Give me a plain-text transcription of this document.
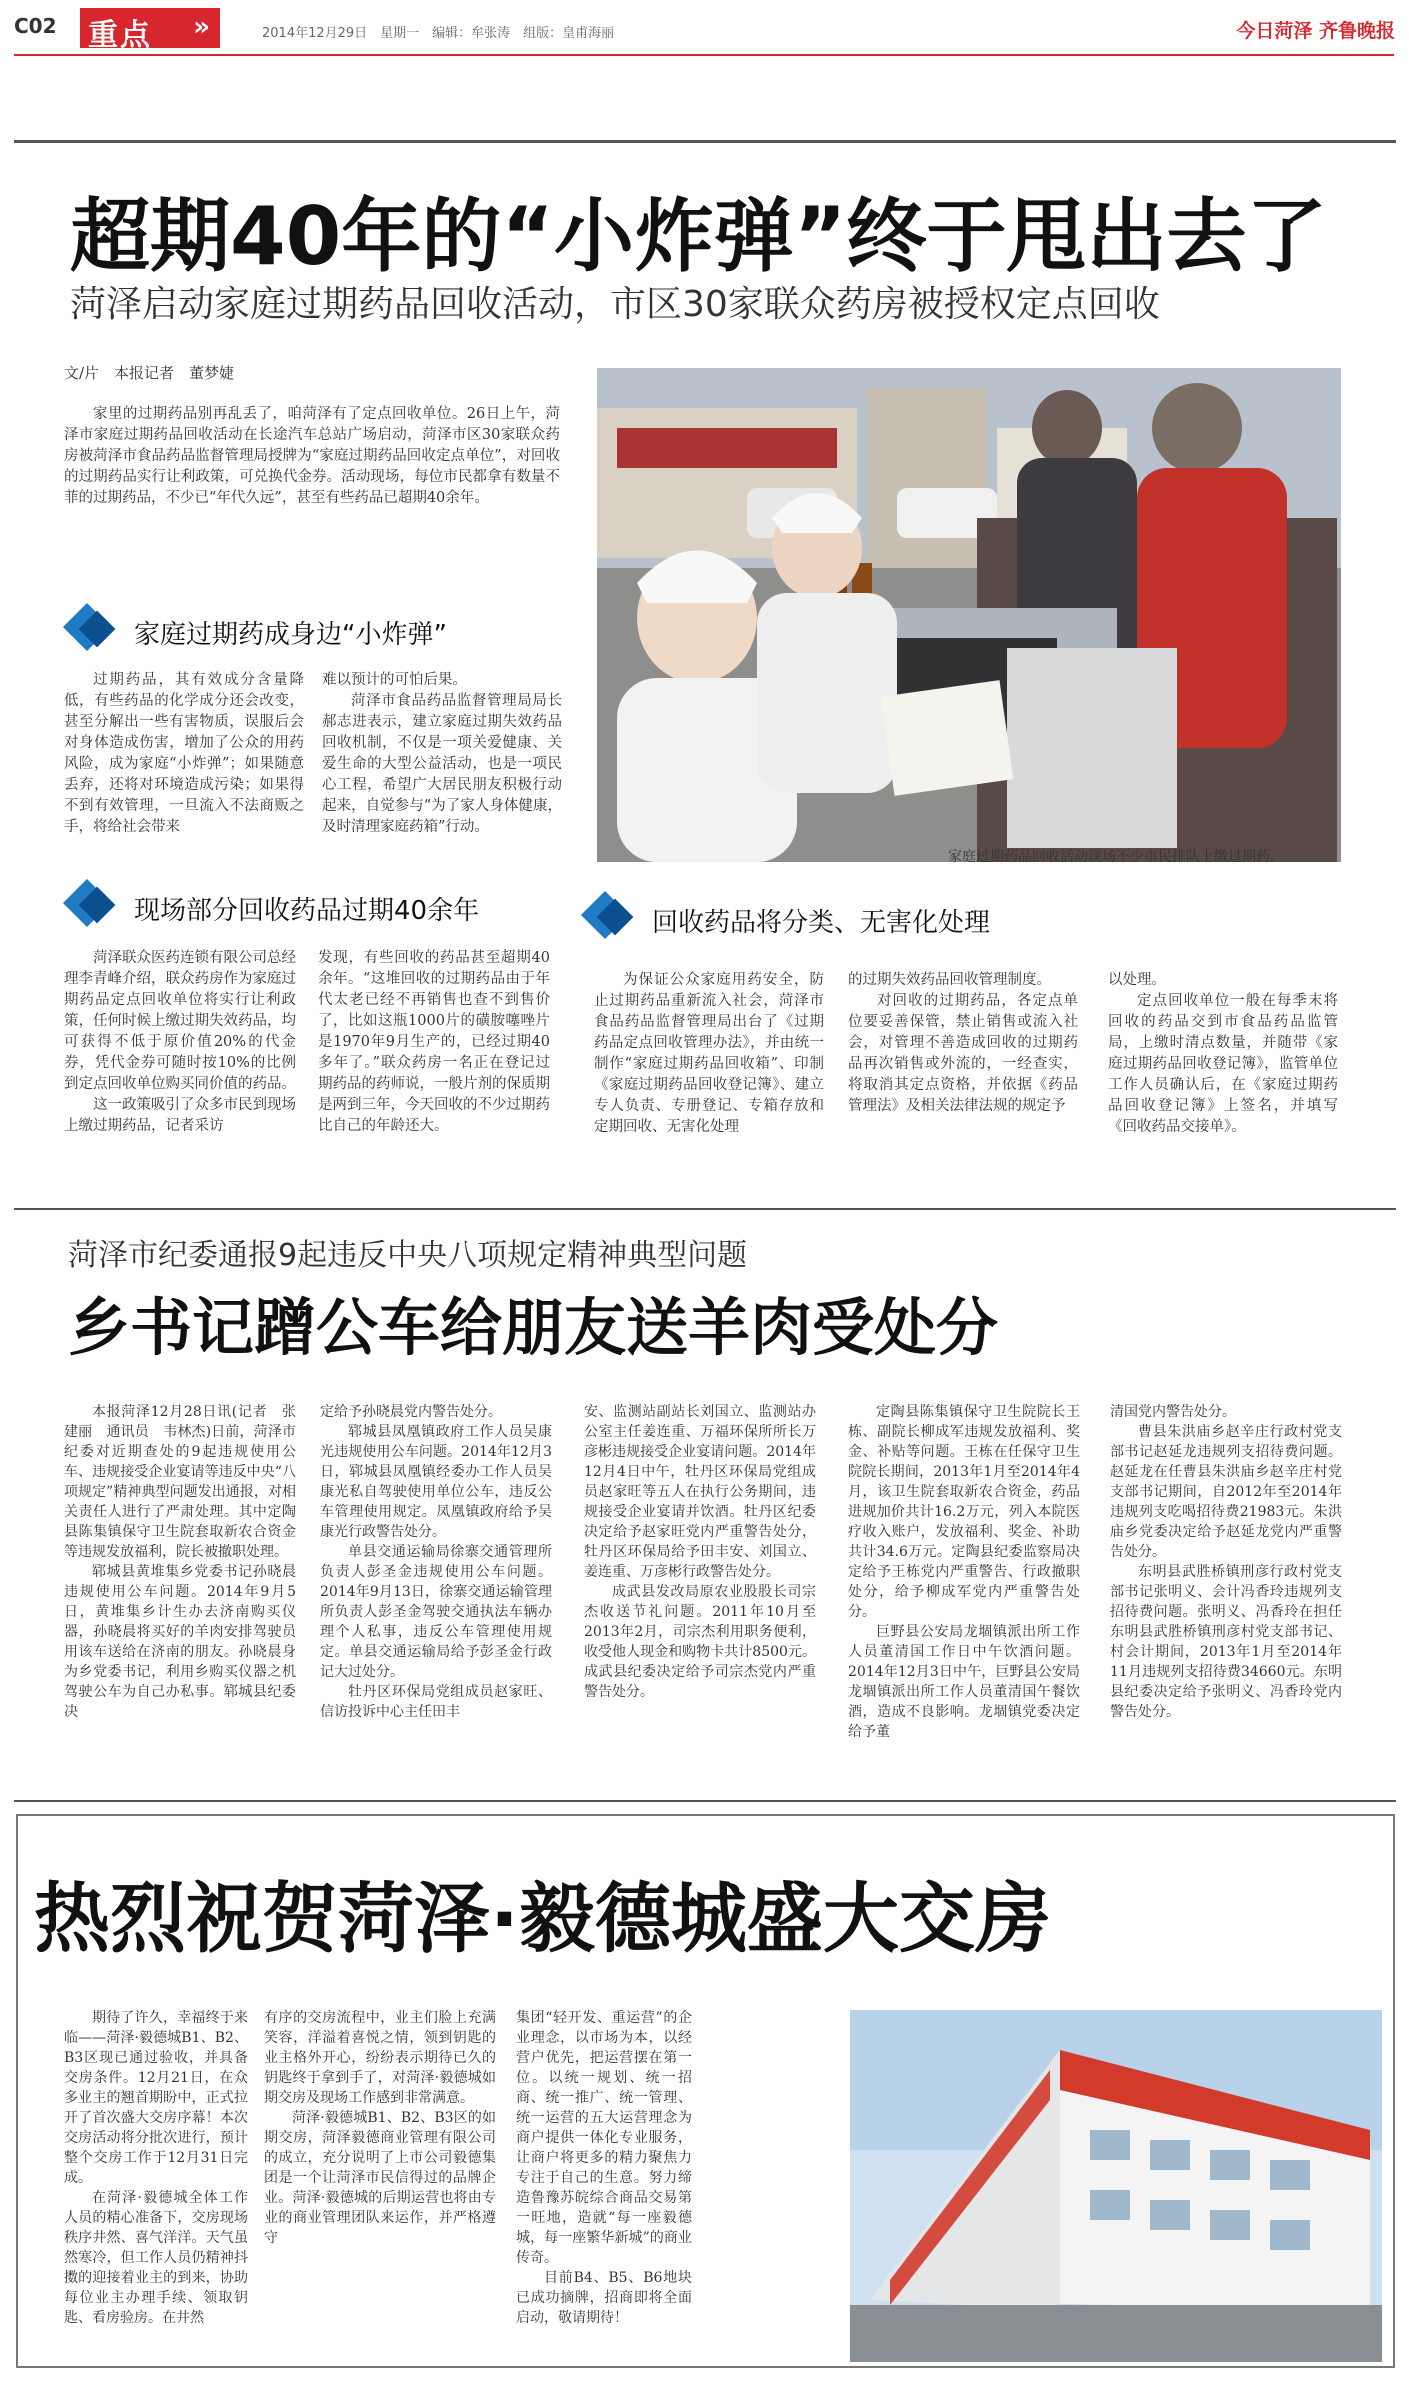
C02 重点 »	2014年12月29日　星期一　编辑：牟张涛　组版：皇甫海丽	今日菏泽 齐鲁晚报
超期40年的“小炸弹”终于甩出去了
菏泽启动家庭过期药品回收活动，市区30家联众药房被授权定点回收
文/片　本报记者　董梦婕

家里的过期药品别再乱丢了，咱菏泽有了定点回收单位。26日上午，菏泽市家庭过期药品回收活动在长途汽车总站广场启动，菏泽市区30家联众药房被菏泽市食品药品监督管理局授牌为“家庭过期药品回收定点单位”，对回收的过期药品实行让利政策，可兑换代金券。活动现场，每位市民都拿有数量不菲的过期药品，不少已“年代久远”，甚至有些药品已超期40余年。

家庭过期药成身边“小炸弹”

过期药品，其有效成分含量降低，有些药品的化学成分还会改变，甚至分解出一些有害物质，误服后会对身体造成伤害，增加了公众的用药风险，成为家庭“小炸弹”；如果随意丢弃，还将对环境造成污染；如果得不到有效管理，一旦流入不法商贩之手，将给社会带来

难以预计的可怕后果。

菏泽市食品药品监督管理局局长郝志进表示，建立家庭过期失效药品回收机制，不仅是一项关爱健康、关爱生命的大型公益活动，也是一项民心工程，希望广大居民朋友积极行动起来，自觉参与“为了家人身体健康，及时清理家庭药箱”行动。

家庭过期药品回收活动现场不少市民排队上缴过期药。
现场部分回收药品过期40余年

菏泽联众医药连锁有限公司总经理李青峰介绍，联众药房作为家庭过期药品定点回收单位将实行让利政策，任何时候上缴过期失效药品，均可获得不低于原价值20%的代金券，凭代金券可随时按10%的比例到定点回收单位购买同价值的药品。

这一政策吸引了众多市民到现场上缴过期药品，记者采访

发现，有些回收的药品甚至超期40余年。“这堆回收的过期药品由于年代太老已经不再销售也查不到售价了，比如这瓶1000片的磺胺噻唑片是1970年9月生产的，已经过期40多年了。”联众药房一名正在登记过期药品的药师说，一般片剂的保质期是两到三年，今天回收的不少过期药比自己的年龄还大。

回收药品将分类、无害化处理

为保证公众家庭用药安全，防止过期药品重新流入社会，菏泽市食品药品监督管理局出台了《过期药品定点回收管理办法》，并由统一制作“家庭过期药品回收箱”、印制《家庭过期药品回收登记簿》、建立专人负责、专册登记、专箱存放和定期回收、无害化处理

的过期失效药品回收管理制度。

对回收的过期药品，各定点单位要妥善保管，禁止销售或流入社会，对管理不善造成回收的过期药品再次销售或外流的，一经查实，将取消其定点资格，并依据《药品管理法》及相关法律法规的规定予

以处理。

定点回收单位一般在每季末将回收的药品交到市食品药品监管局，上缴时清点数量，并随带《家庭过期药品回收登记簿》，监管单位工作人员确认后，在《家庭过期药品回收登记簿》上签名，并填写《回收药品交接单》。

菏泽市纪委通报9起违反中央八项规定精神典型问题
乡书记蹭公车给朋友送羊肉受处分

本报菏泽12月28日讯(记者　张建丽　通讯员　韦林杰)日前，菏泽市纪委对近期查处的9起违规使用公车、违规接受企业宴请等违反中央“八项规定”精神典型问题发出通报，对相关责任人进行了严肃处理。其中定陶县陈集镇保守卫生院套取新农合资金等违规发放福利，院长被撤职处理。

郓城县黄堆集乡党委书记孙晓晨违规使用公车问题。2014年9月5日，黄堆集乡计生办去济南购买仪器，孙晓晨将买好的羊肉安排驾驶员用该车送给在济南的朋友。孙晓晨身为乡党委书记，利用乡购买仪器之机驾驶公车为自己办私事。郓城县纪委决

定给予孙晓晨党内警告处分。

郓城县凤凰镇政府工作人员吴康光违规使用公车问题。2014年12月3日，郓城县凤凰镇经委办工作人员吴康光私自驾驶使用单位公车，违反公车管理使用规定。凤凰镇政府给予吴康光行政警告处分。

单县交通运输局徐寨交通管理所负责人彭圣金违规使用公车问题。2014年9月13日，徐寨交通运输管理所负责人彭圣金驾驶交通执法车辆办理个人私事，违反公车管理使用规定。单县交通运输局给予彭圣金行政记大过处分。

牡丹区环保局党组成员赵家旺、信访投诉中心主任田丰

安、监测站副站长刘国立、监测站办公室主任姜连重、万福环保所所长万彦彬违规接受企业宴请问题。2014年12月4日中午，牡丹区环保局党组成员赵家旺等五人在执行公务期间，违规接受企业宴请并饮酒。牡丹区纪委决定给予赵家旺党内严重警告处分，牡丹区环保局给予田丰安、刘国立、姜连重、万彦彬行政警告处分。

成武县发改局原农业股股长司宗杰收送节礼问题。2011年10月至2013年2月，司宗杰利用职务便利，收受他人现金和购物卡共计8500元。成武县纪委决定给予司宗杰党内严重警告处分。

定陶县陈集镇保守卫生院院长王栋、副院长柳成军违规发放福利、奖金、补贴等问题。王栋在任保守卫生院院长期间，2013年1月至2014年4月，该卫生院套取新农合资金，药品进规加价共计16.2万元，列入本院医疗收入账户，发放福利、奖金、补助共计34.6万元。定陶县纪委监察局决定给予王栋党内严重警告、行政撤职处分，给予柳成军党内严重警告处分。

巨野县公安局龙堌镇派出所工作人员董清国工作日中午饮酒问题。2014年12月3日中午，巨野县公安局龙堌镇派出所工作人员董清国午餐饮酒，造成不良影响。龙堌镇党委决定给予董

清国党内警告处分。

曹县朱洪庙乡赵辛庄行政村党支部书记赵延龙违规列支招待费问题。赵延龙在任曹县朱洪庙乡赵辛庄村党支部书记期间，自2012年至2014年违规列支吃喝招待费21983元。朱洪庙乡党委决定给予赵延龙党内严重警告处分。

东明县武胜桥镇刑彦行政村党支部书记张明义、会计冯香玲违规列支招待费问题。张明义、冯香玲在担任东明县武胜桥镇刑彦村党支部书记、村会计期间，2013年1月至2014年11月违规列支招待费34660元。东明县纪委决定给予张明义、冯香玲党内警告处分。

热烈祝贺菏泽·毅德城盛大交房

期待了许久，幸福终于来临——菏泽·毅德城B1、B2、B3区现已通过验收，并具备交房条件。12月21日，在众多业主的翘首期盼中，正式拉开了首次盛大交房序幕！本次交房活动将分批次进行，预计整个交房工作于12月31日完成。

在菏泽·毅德城全体工作人员的精心准备下，交房现场秩序井然、喜气洋洋。天气虽然寒冷，但工作人员仍精神抖擞的迎接着业主的到来，协助每位业主办理手续、领取钥匙、看房验房。在井然

有序的交房流程中，业主们脸上充满笑容，洋溢着喜悦之情，领到钥匙的业主格外开心，纷纷表示期待已久的钥匙终于拿到手了，对菏泽·毅德城如期交房及现场工作感到非常满意。

菏泽·毅德城B1、B2、B3区的如期交房，菏泽毅德商业管理有限公司的成立，充分说明了上市公司毅德集团是一个让菏泽市民信得过的品牌企业。菏泽·毅德城的后期运营也将由专业的商业管理团队来运作，并严格遵守

集团“轻开发、重运营”的企业理念，以市场为本，以经营户优先，把运营摆在第一位。以统一规划、统一招商、统一推广、统一管理、统一运营的五大运营理念为商户提供一体化专业服务，让商户将更多的精力聚焦力专注于自己的生意。努力缔造鲁豫苏皖综合商品交易第一旺地，造就“每一座毅德城，每一座繁华新城”的商业传奇。

目前B4、B5、B6地块已成功摘牌，招商即将全面启动，敬请期待！
